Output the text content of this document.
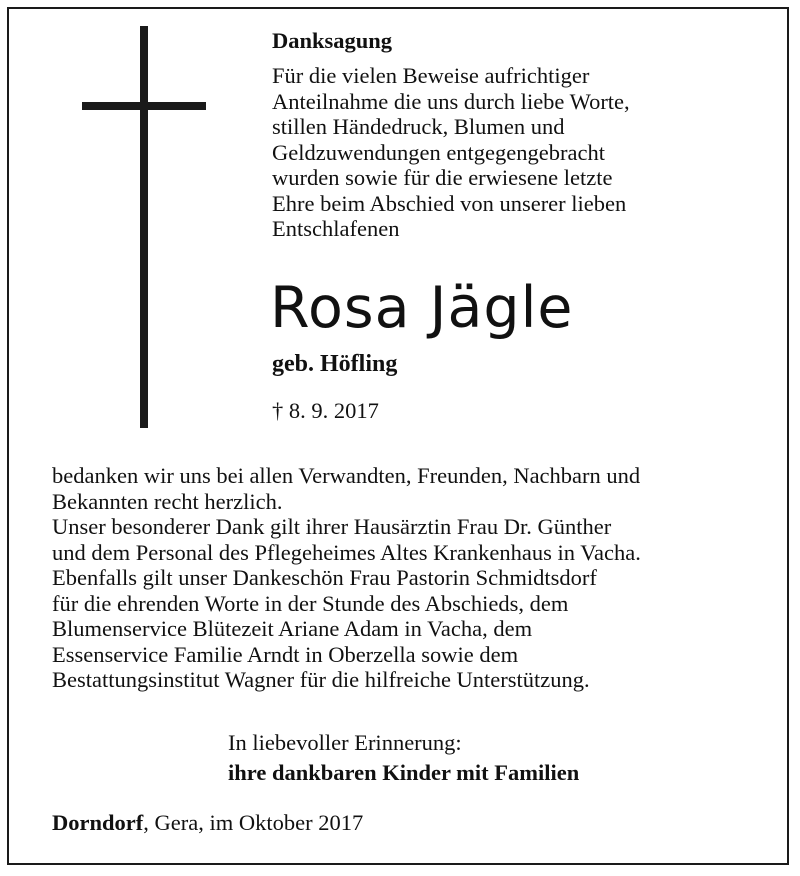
Danksagung
Für die vielen Beweise aufrichtiger
Anteilnahme die uns durch liebe Worte,
stillen Händedruck, Blumen und
Geldzuwendungen entgegengebracht
wurden sowie für die erwiesene letzte
Ehre beim Abschied von unserer lieben
Entschlafenen
Rosa Jägle
geb. Höfling
† 8. 9. 2017
bedanken wir uns bei allen Verwandten, Freunden, Nachbarn und
Bekannten recht herzlich.
Unser besonderer Dank gilt ihrer Hausärztin Frau Dr. Günther
und dem Personal des Pflegeheimes Altes Krankenhaus in Vacha.
Ebenfalls gilt unser Dankeschön Frau Pastorin Schmidtsdorf
für die ehrenden Worte in der Stunde des Abschieds, dem
Blumenservice Blütezeit Ariane Adam in Vacha, dem
Essenservice Familie Arndt in Oberzella sowie dem
Bestattungsinstitut Wagner für die hilfreiche Unterstützung.
In liebevoller Erinnerung:
ihre dankbaren Kinder mit Familien
Dorndorf, Gera, im Oktober 2017
